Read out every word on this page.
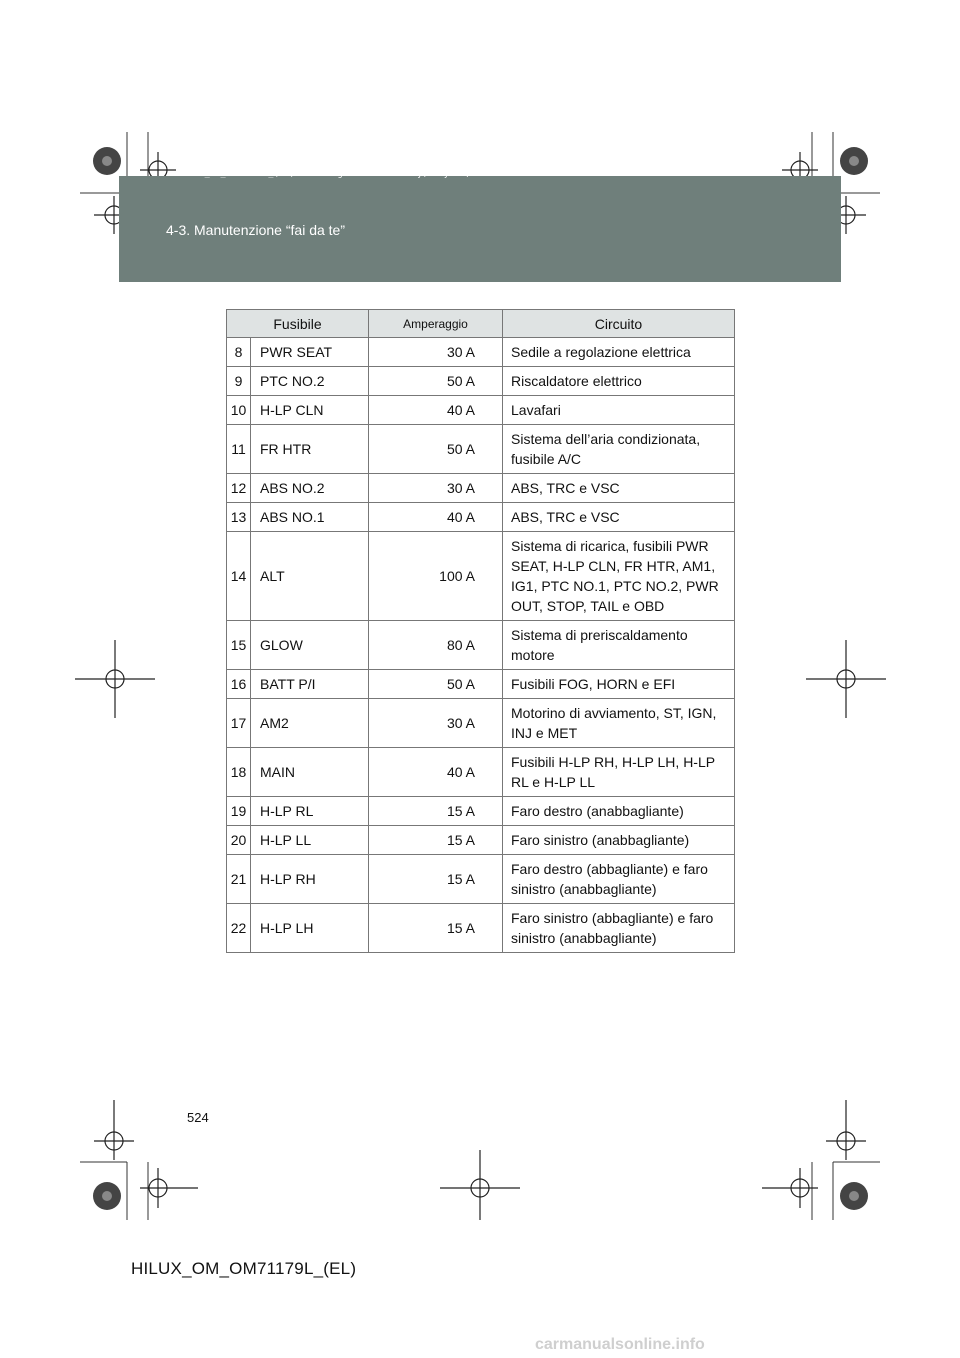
HILUX_OM_OM71179L_(EL).book Page 524 Wednesday, May 16, 2012 11:37 AM
4-3. Manutenzione “fai da te”
Fusibile		Amperaggio	Circuito
8	PWR SEAT	30 A	Sedile a regolazione elettrica
9	PTC NO.2	50 A	Riscaldatore elettrico
10	H-LP CLN	40 A	Lavafari
11	FR HTR	50 A	Sistema dell’aria condizionata, fusibile A/C
12	ABS NO.2	30 A	ABS, TRC e VSC
13	ABS NO.1	40 A	ABS, TRC e VSC
14	ALT	100 A	Sistema di ricarica, fusibili PWR SEAT, H-LP CLN, FR HTR, AM1, IG1, PTC NO.1, PTC NO.2, PWR OUT, STOP, TAIL e OBD
15	GLOW	80 A	Sistema di preriscaldamento motore
16	BATT P/I	50 A	Fusibili FOG, HORN e EFI
17	AM2	30 A	Motorino di avviamento, ST, IGN, INJ e MET
18	MAIN	40 A	Fusibili H-LP RH, H-LP LH, H-LP RL e H-LP LL
19	H-LP RL	15 A	Faro destro (anabbagliante)
20	H-LP LL	15 A	Faro sinistro (anabbagliante)
21	H-LP RH	15 A	Faro destro (abbagliante) e faro sinistro (anabbagliante)
22	H-LP LH	15 A	Faro sinistro (abbagliante) e faro sinistro (anabbagliante)
524
HILUX_OM_OM71179L_(EL)
carmanualsonline.info
